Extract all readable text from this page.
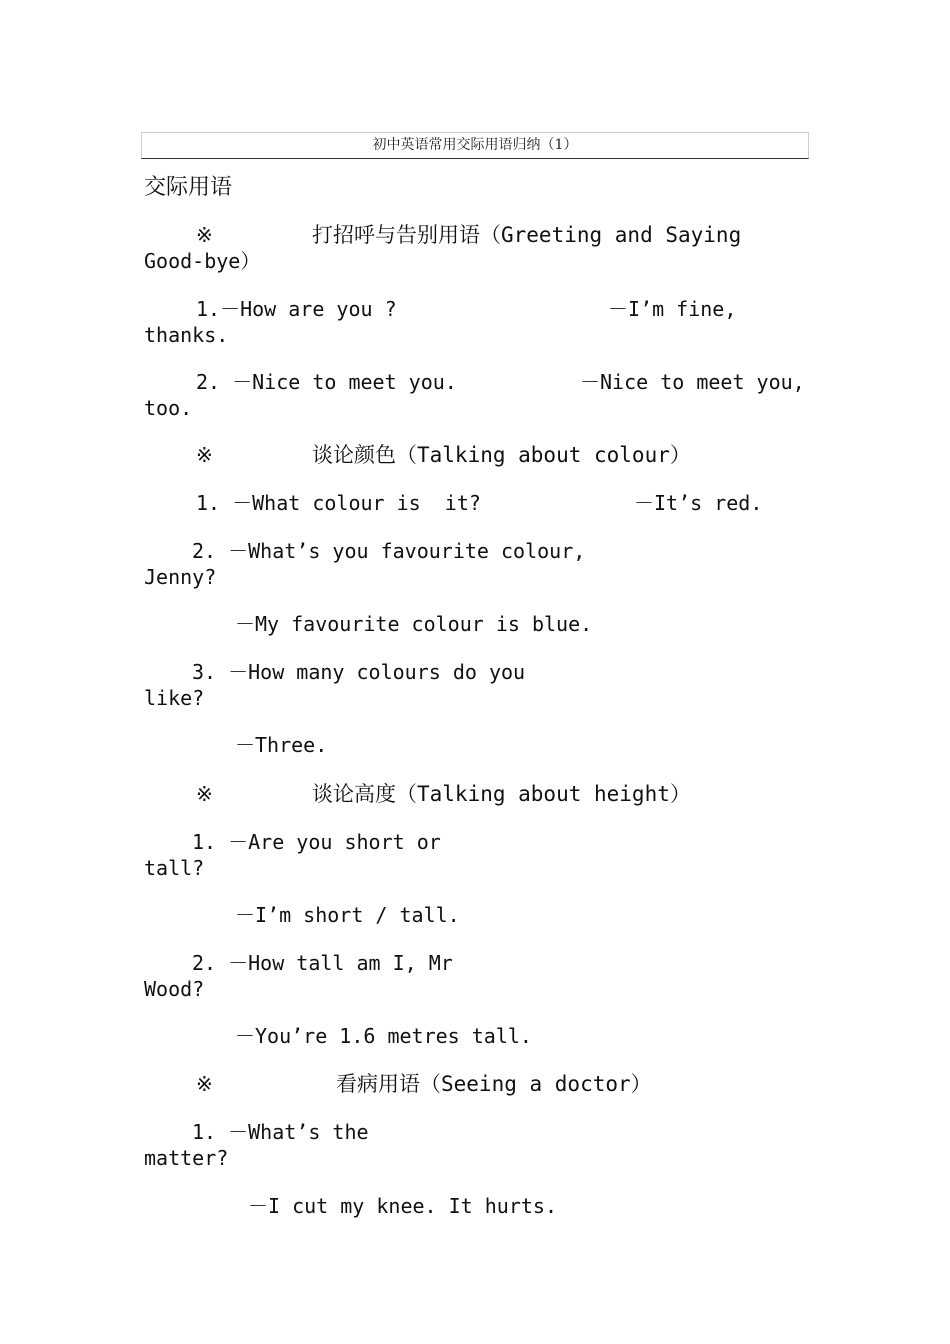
初中英语常用交际用语归纳（1）
交际用语
※	打招呼与告别用语（Greeting and Saying
Good-bye）
1.－How are you ?	－I’m fine,
thanks.
2. －Nice to meet you.	－Nice to meet you,
too.
※	谈论颜色（Talking about colour）
1. －What colour is  it?	－It’s red.
2. －What’s you favourite colour,
Jenny?
－My favourite colour is blue.
3. －How many colours do you
like?
－Three.
※	谈论高度（Talking about height）
1. －Are you short or
tall?
－I’m short / tall.
2. －How tall am I, Mr
Wood?
－You’re 1.6 metres tall.
※	看病用语（Seeing a doctor）
1. －What’s the
matter?
－I cut my knee. It hurts.
